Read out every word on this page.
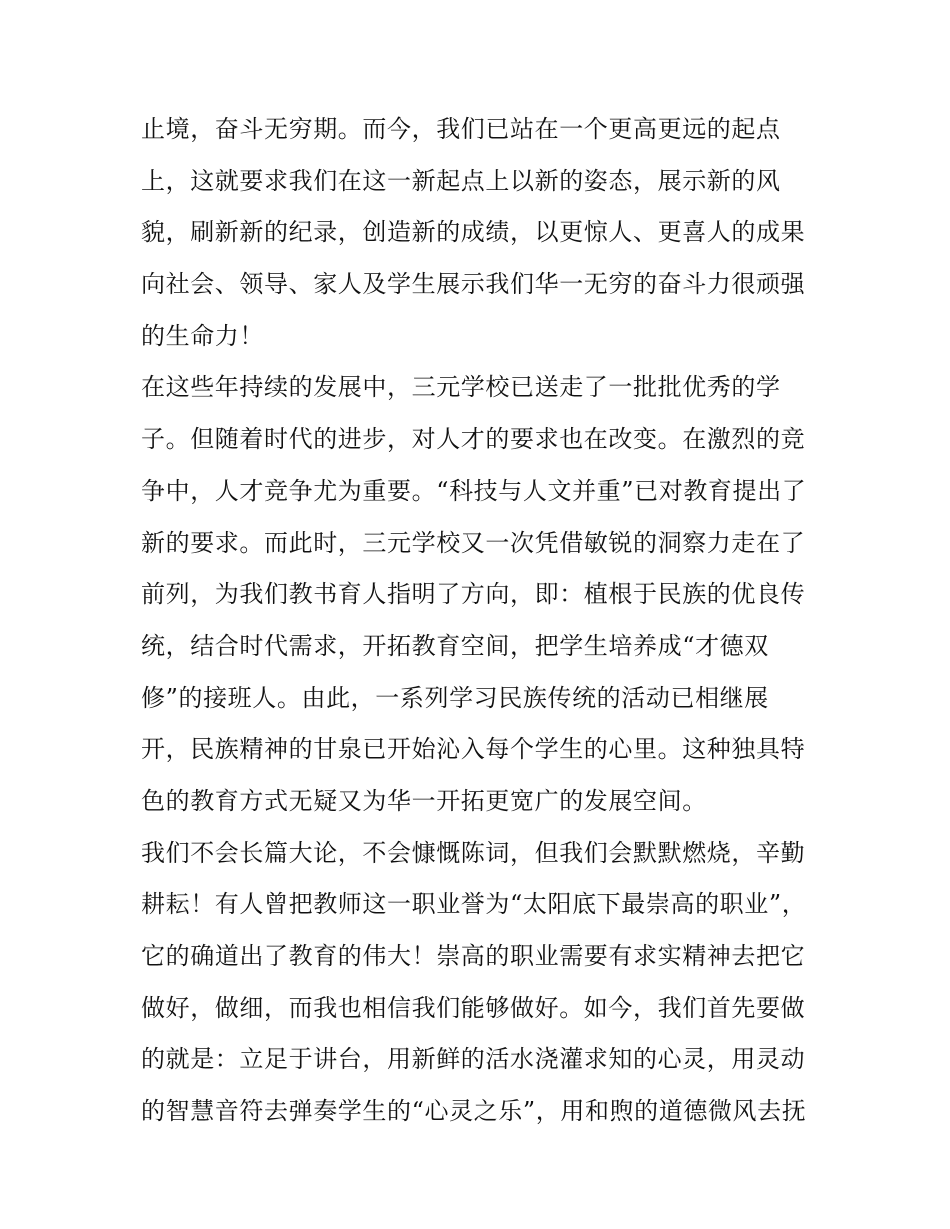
止境，奋斗无穷期。而今，我们已站在一个更高更远的起点
上，这就要求我们在这一新起点上以新的姿态，展示新的风
貌，刷新新的纪录，创造新的成绩，以更惊人、更喜人的成果
向社会、领导、家人及学生展示我们华一无穷的奋斗力很顽强
的生命力！
在这些年持续的发展中，三元学校已送走了一批批优秀的学
子。但随着时代的进步，对人才的要求也在改变。在激烈的竞
争中，人才竞争尤为重要。“科技与人文并重”已对教育提出了
新的要求。而此时，三元学校又一次凭借敏锐的洞察力走在了
前列，为我们教书育人指明了方向，即：植根于民族的优良传
统，结合时代需求，开拓教育空间，把学生培养成“才德双
修”的接班人。由此，一系列学习民族传统的活动已相继展
开，民族精神的甘泉已开始沁入每个学生的心里。这种独具特
色的教育方式无疑又为华一开拓更宽广的发展空间。
我们不会长篇大论，不会慷慨陈词，但我们会默默燃烧，辛勤
耕耘！有人曾把教师这一职业誉为“太阳底下最崇高的职业”，
它的确道出了教育的伟大！崇高的职业需要有求实精神去把它
做好，做细，而我也相信我们能够做好。如今，我们首先要做
的就是：立足于讲台，用新鲜的活水浇灌求知的心灵，用灵动
的智慧音符去弹奏学生的“心灵之乐”，用和煦的道德微风去抚
